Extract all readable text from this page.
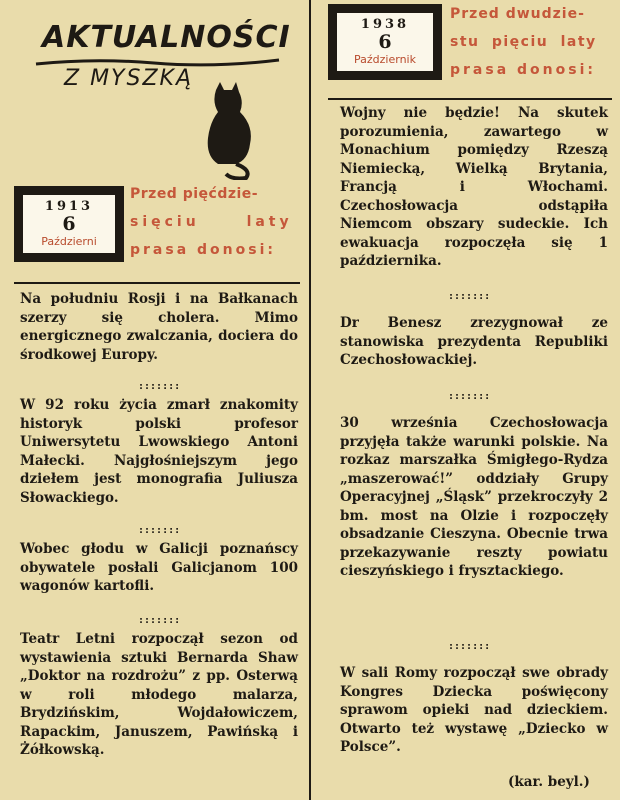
AKTUALNOŚCI
Z MYSZKĄ
1913
6
Październi
Przed pięćdzie-
sięciu laty
prasa donosi:

Na południu Rosji i na Bałkanach szerzy się cholera. Mimo energicznego zwalczania, dociera do środkowej Europy.

:::::::

W 92 roku życia zmarł znakomity historyk polski profesor Uniwersytetu Lwowskiego Antoni Małecki. Najgłośniejszym jego dziełem jest monografia Juliusza Słowackiego.

:::::::

Wobec głodu w Galicji poznańscy obywatele posłali Galicjanom 100 wagonów kartofli.

:::::::

Teatr Letni rozpoczął sezon od wystawienia sztuki Bernarda Shaw „Doktor na rozdrożu” z pp. Osterwą w roli młodego malarza, Brydzińskim, Wojdałowiczem, Rapackim, Januszem, Pawińską i Żółkowską.

1938
6
Październik
Przed dwudzie-
stu pięciu laty
prasa donosi:

Wojny nie będzie! Na skutek porozumienia, zawartego w Monachium pomiędzy Rzeszą Niemiecką, Wielką Brytania, Francją i Włochami. Czechosłowacja odstąpiła Niemcom obszary sudeckie. Ich ewakuacja rozpoczęła się 1 października.

:::::::

Dr Benesz zrezygnował ze stanowiska prezydenta Republiki Czechosłowackiej.

:::::::

30 września Czechosłowacja przyjęła także warunki polskie. Na rozkaz marszałka Śmigłego-Rydza „maszerować!” oddziały Grupy Operacyjnej „Śląsk” przekroczyły 2 bm. most na Olzie i rozpoczęły obsadzanie Cieszyna. Obecnie trwa przekazywanie reszty powiatu cieszyńskiego i frysztackiego.

:::::::

W sali Romy rozpoczął swe obrady Kongres Dziecka poświęcony sprawom opieki nad dzieckiem. Otwarto też wystawę „Dziecko w Polsce”.

(kar. beyl.)
